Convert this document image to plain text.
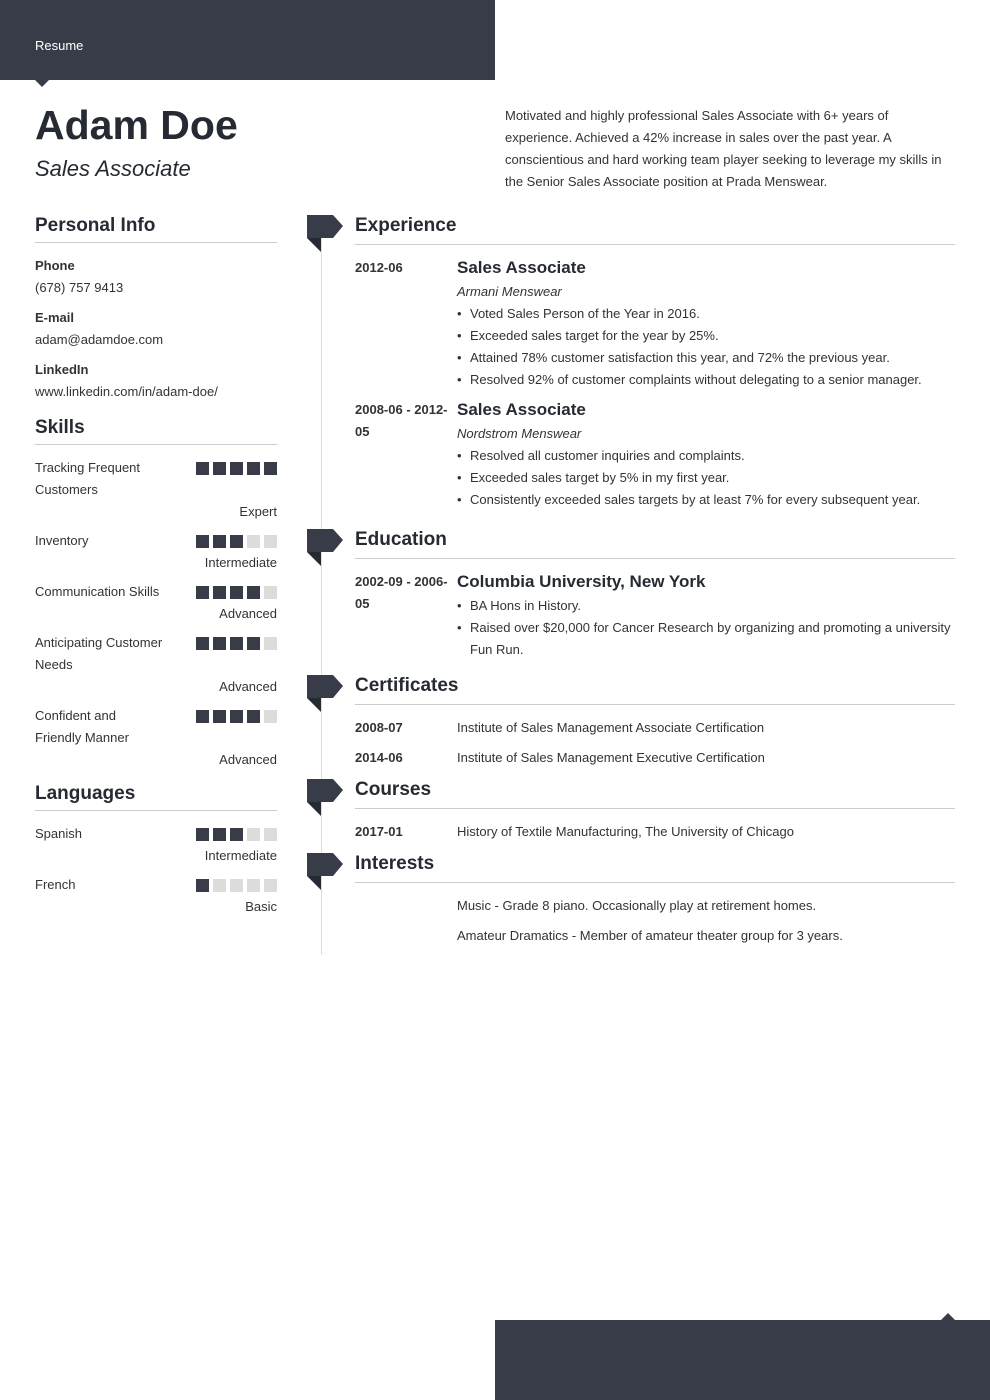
Resume
Adam Doe
Sales Associate
Motivated and highly professional Sales Associate with 6+ years of experience. Achieved a 42% increase in sales over the past year. A conscientious and hard working team player seeking to leverage my skills in the Senior Sales Associate position at Prada Menswear.
Personal Info
Phone
(678) 757 9413
E-mail
adam@adamdoe.com
LinkedIn
www.linkedin.com/in/adam-doe/
Skills
Tracking Frequent Customers
Expert
Inventory
Intermediate
Communication Skills
Advanced
Anticipating Customer Needs
Advanced
Confident and Friendly Manner
Advanced
Languages
Spanish
Intermediate
French
Basic
Experience
2012-06	Sales Associate
Armani Menswear
• Voted Sales Person of the Year in 2016.
• Exceeded sales target for the year by 25%.
• Attained 78% customer satisfaction this year, and 72% the previous year.
• Resolved 92% of customer complaints without delegating to a senior manager.
2008-06 - 2012-05
Sales Associate
Nordstrom Menswear
• Resolved all customer inquiries and complaints.
• Exceeded sales target by 5% in my first year.
• Consistently exceeded sales targets by at least 7% for every subsequent year.
Education
2002-09 - 2006-05
Columbia University, New York
• BA Hons in History.
• Raised over $20,000 for Cancer Research by organizing and promoting a university Fun Run.
Certificates
2008-07	Institute of Sales Management Associate Certification
2014-06	Institute of Sales Management Executive Certification
Courses
2017-01	History of Textile Manufacturing, The University of Chicago
Interests
Music - Grade 8 piano. Occasionally play at retirement homes.
Amateur Dramatics - Member of amateur theater group for 3 years.
